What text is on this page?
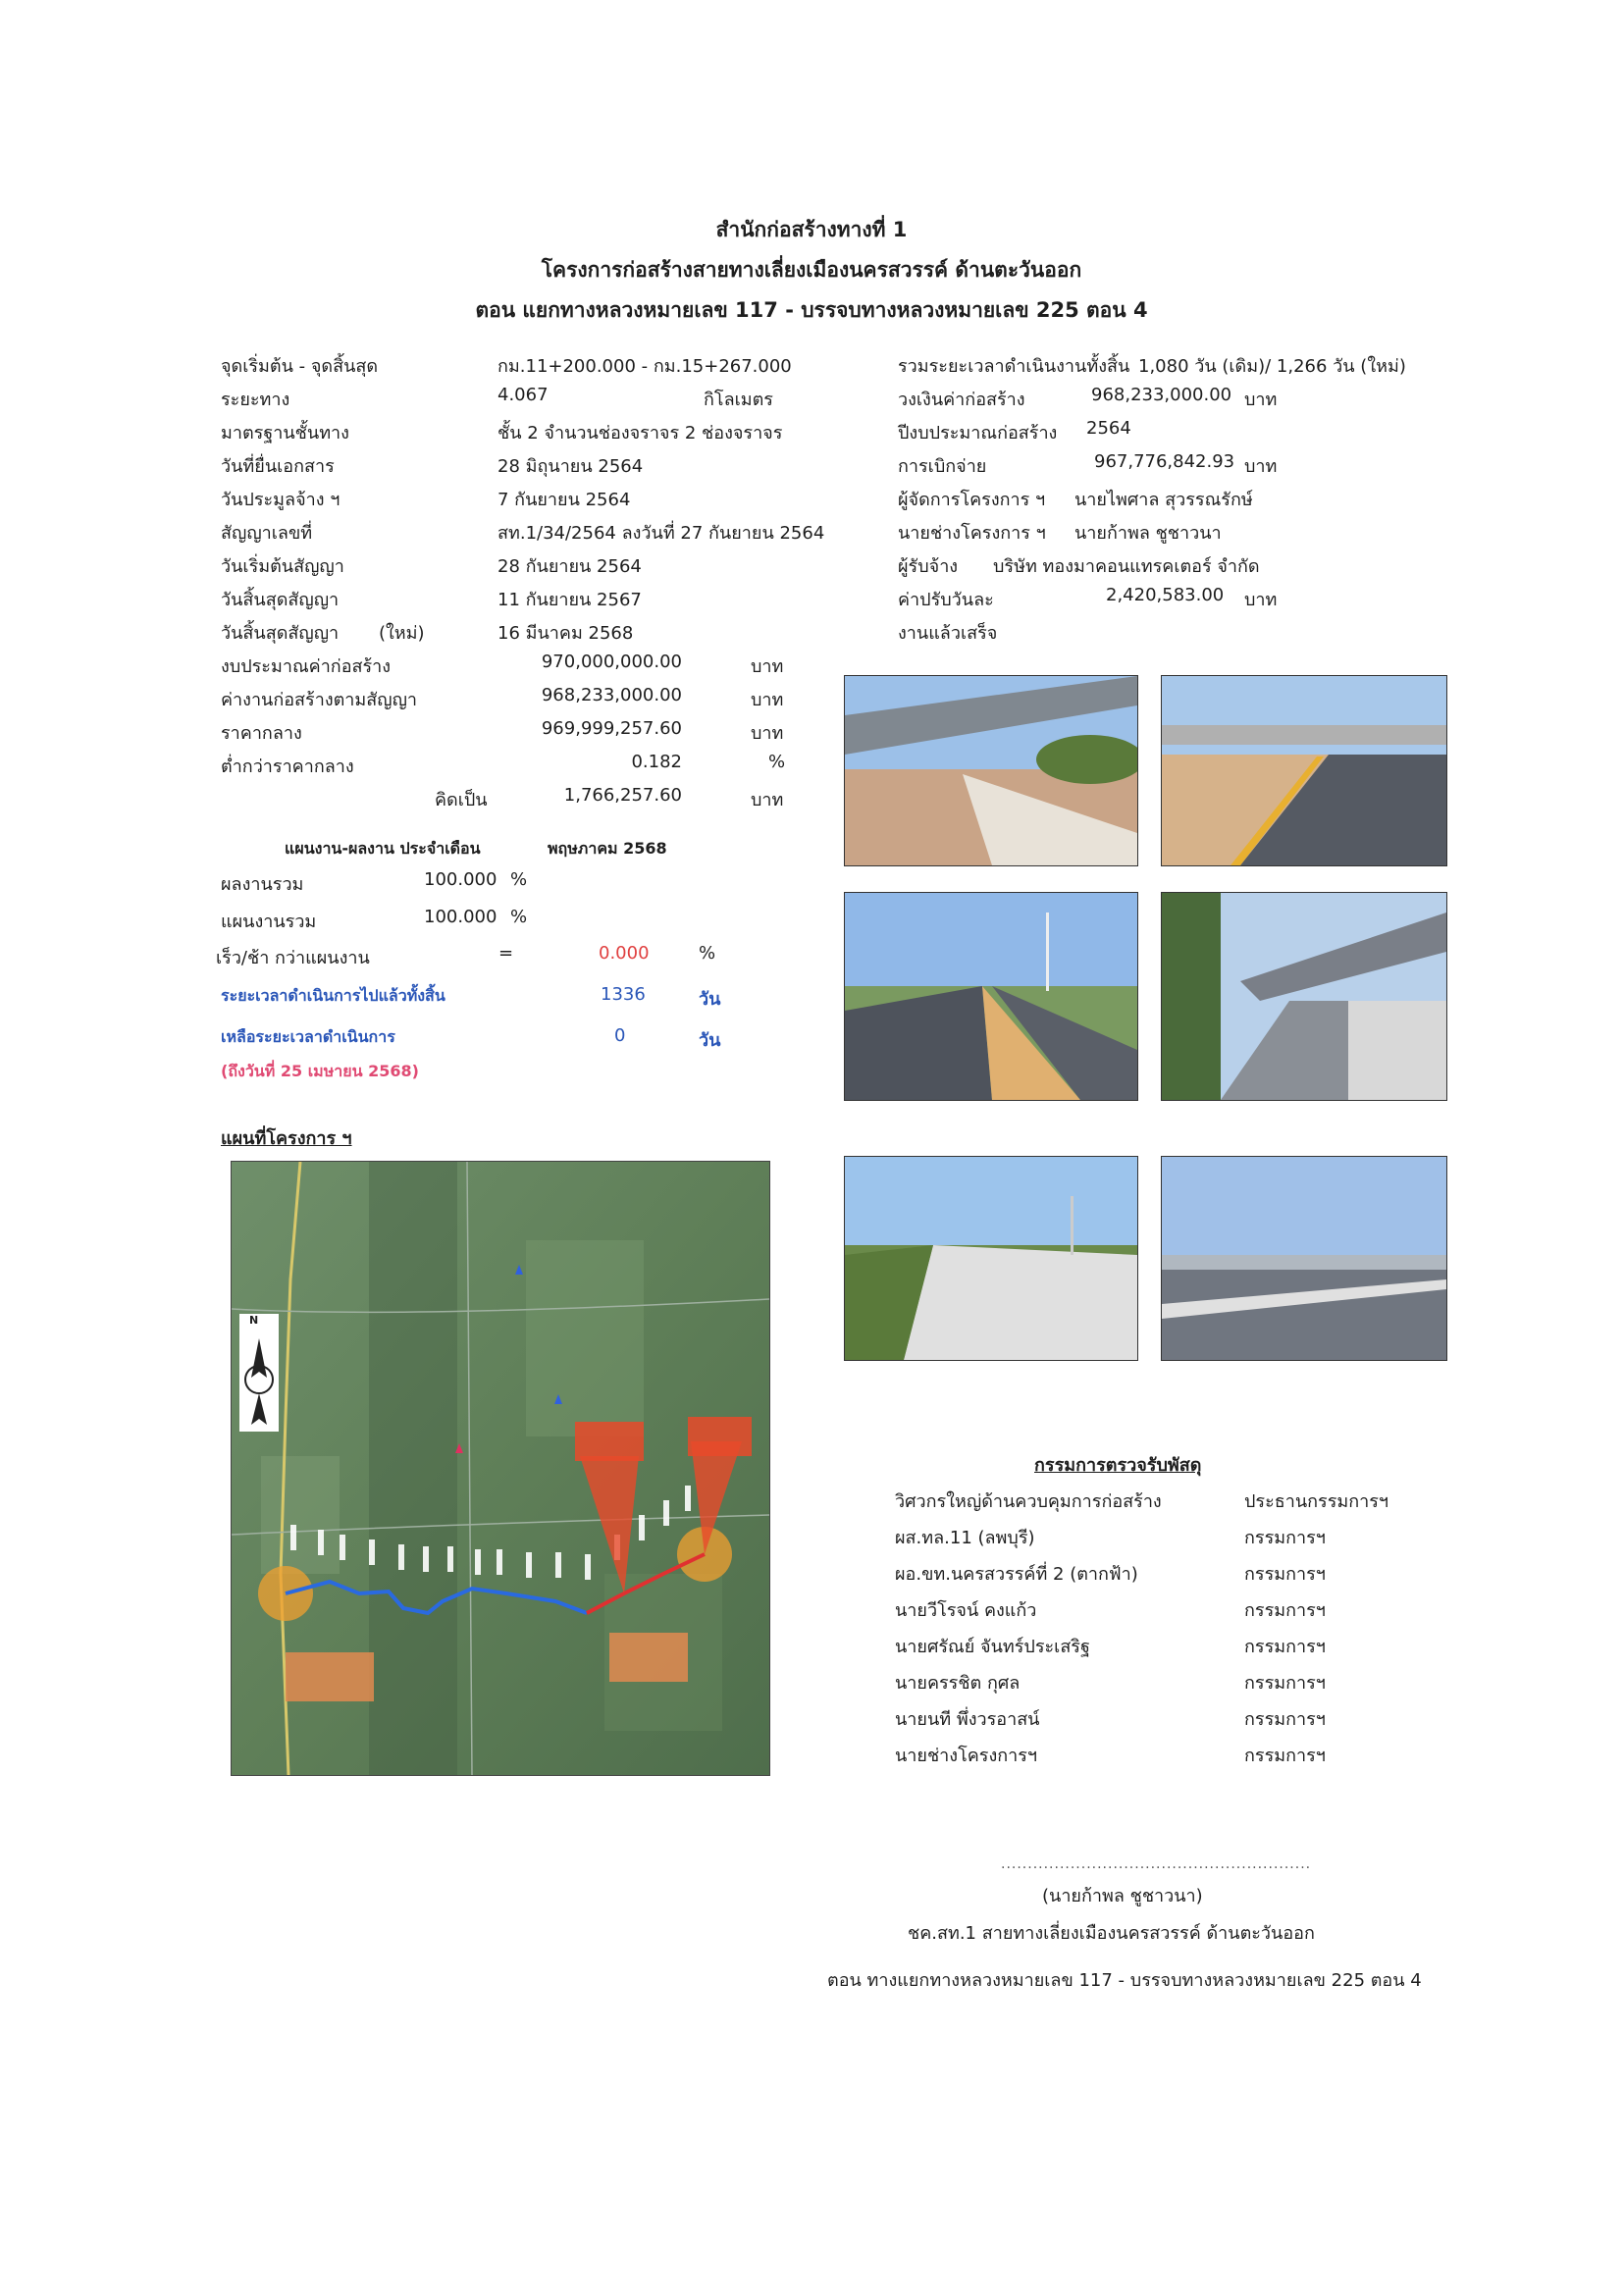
สำนักก่อสร้างทางที่ 1
โครงการก่อสร้างสายทางเลี่ยงเมืองนครสวรรค์ ด้านตะวันออก
ตอน แยกทางหลวงหมายเลข 117 - บรรจบทางหลวงหมายเลข 225 ตอน 4
จุดเริ่มต้น - จุดสิ้นสุด	กม.11+200.000 - กม.15+267.000
ระยะทาง	4.067	กิโลเมตร
มาตรฐานชั้นทาง	ชั้น 2 จำนวนช่องจราจร 2 ช่องจราจร
วันที่ยื่นเอกสาร	28 มิถุนายน 2564
วันประมูลจ้าง ฯ	7 กันยายน 2564
สัญญาเลขที่	สท.1/34/2564 ลงวันที่ 27 กันยายน 2564
วันเริ่มต้นสัญญา	28 กันยายน 2564
วันสิ้นสุดสัญญา	11 กันยายน 2567
วันสิ้นสุดสัญญา (ใหม่)	16 มีนาคม 2568
งบประมาณค่าก่อสร้าง	970,000,000.00	บาท
ค่างานก่อสร้างตามสัญญา	968,233,000.00	บาท
ราคากลาง	969,999,257.60	บาท
ต่ำกว่าราคากลาง	0.182	%
คิดเป็น	1,766,257.60	บาท
รวมระยะเวลาดำเนินงานทั้งสิ้น 1,080 วัน (เดิม)/ 1,266 วัน (ใหม่)
วงเงินค่าก่อสร้าง	968,233,000.00 บาท
ปีงบประมาณก่อสร้าง 2564
การเบิกจ่าย	967,776,842.93 บาท
ผู้จัดการโครงการ ฯ นายไพศาล สุวรรณรักษ์
นายช่างโครงการ ฯ นายก้าพล ชูชาวนา
ผู้รับจ้าง บริษัท ทองมาคอนแทรคเตอร์ จำกัด
ค่าปรับวันละ	2,420,583.00 บาท
งานแล้วเสร็จ
แผนงาน-ผลงาน ประจำเดือน	พฤษภาคม 2568
ผลงานรวม	100.000 %
แผนงานรวม	100.000 %
เร็ว/ช้า กว่าแผนงาน	=	0.000	%
ระยะเวลาดำเนินการไปแล้วทั้งสิ้น	1336	วัน
เหลือระยะเวลาดำเนินการ	0	วัน
(ถึงวันที่ 25 เมษายน 2568)
แผนที่โครงการ ฯ
N
กรรมการตรวจรับพัสดุ
วิศวกรใหญ่ด้านควบคุมการก่อสร้าง	ประธานกรรมการฯ
ผส.ทล.11 (ลพบุรี)	กรรมการฯ
ผอ.ขท.นครสวรรค์ที่ 2 (ตากฟ้า)	กรรมการฯ
นายวีโรจน์ คงแก้ว	กรรมการฯ
นายศรัณย์ จันทร์ประเสริฐ	กรรมการฯ
นายครรชิต กุศล	กรรมการฯ
นายนที พึ่งวรอาสน์	กรรมการฯ
นายช่างโครงการฯ	กรรมการฯ
..........................................................
(นายก้าพล ชูชาวนา)
ชค.สท.1 สายทางเลี่ยงเมืองนครสวรรค์ ด้านตะวันออก
ตอน ทางแยกทางหลวงหมายเลข 117 - บรรจบทางหลวงหมายเลข 225 ตอน 4
